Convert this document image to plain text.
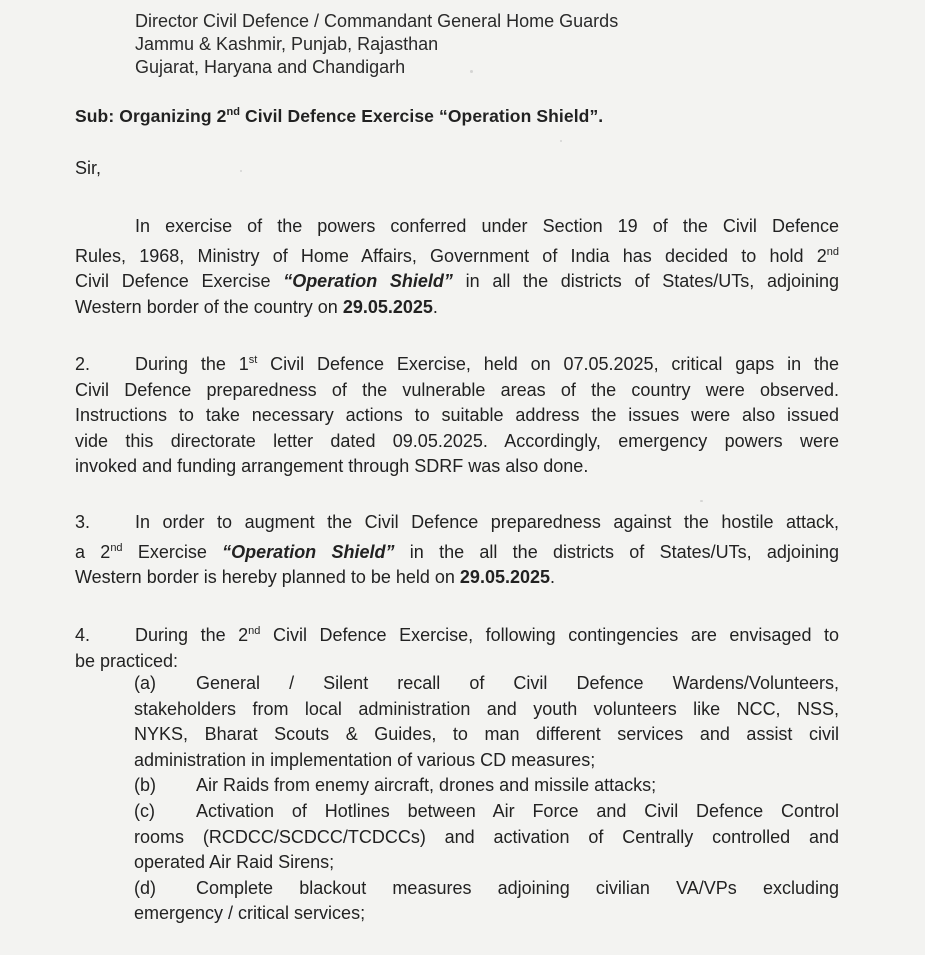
Director Civil Defence / Commandant General Home Guards
Jammu & Kashmir, Punjab, Rajasthan
Gujarat, Haryana and Chandigarh
Sub: Organizing 2nd Civil Defence Exercise “Operation Shield”.
Sir,
In exercise of the powers conferred under Section 19 of the Civil Defence
Rules, 1968, Ministry of Home Affairs, Government of India has decided to hold 2nd
Civil Defence Exercise “Operation Shield” in all the districts of States/UTs, adjoining
Western border of the country on 29.05.2025.
2. During the 1st Civil Defence Exercise, held on 07.05.2025, critical gaps in the
Civil Defence preparedness of the vulnerable areas of the country were observed.
Instructions to take necessary actions to suitable address the issues were also issued
vide this directorate letter dated 09.05.2025. Accordingly, emergency powers were
invoked and funding arrangement through SDRF was also done.
3. In order to augment the Civil Defence preparedness against the hostile attack,
a 2nd Exercise “Operation Shield” in the all the districts of States/UTs, adjoining
Western border is hereby planned to be held on 29.05.2025.
4. During the 2nd Civil Defence Exercise, following contingencies are envisaged to
be practiced:
(a) General / Silent recall of Civil Defence Wardens/Volunteers,
stakeholders from local administration and youth volunteers like NCC, NSS,
NYKS, Bharat Scouts & Guides, to man different services and assist civil
administration in implementation of various CD measures;
(b) Air Raids from enemy aircraft, drones and missile attacks;
(c) Activation of Hotlines between Air Force and Civil Defence Control
rooms (RCDCC/SCDCC/TCDCCs) and activation of Centrally controlled and
operated Air Raid Sirens;
(d) Complete blackout measures adjoining civilian VA/VPs excluding
emergency / critical services;
